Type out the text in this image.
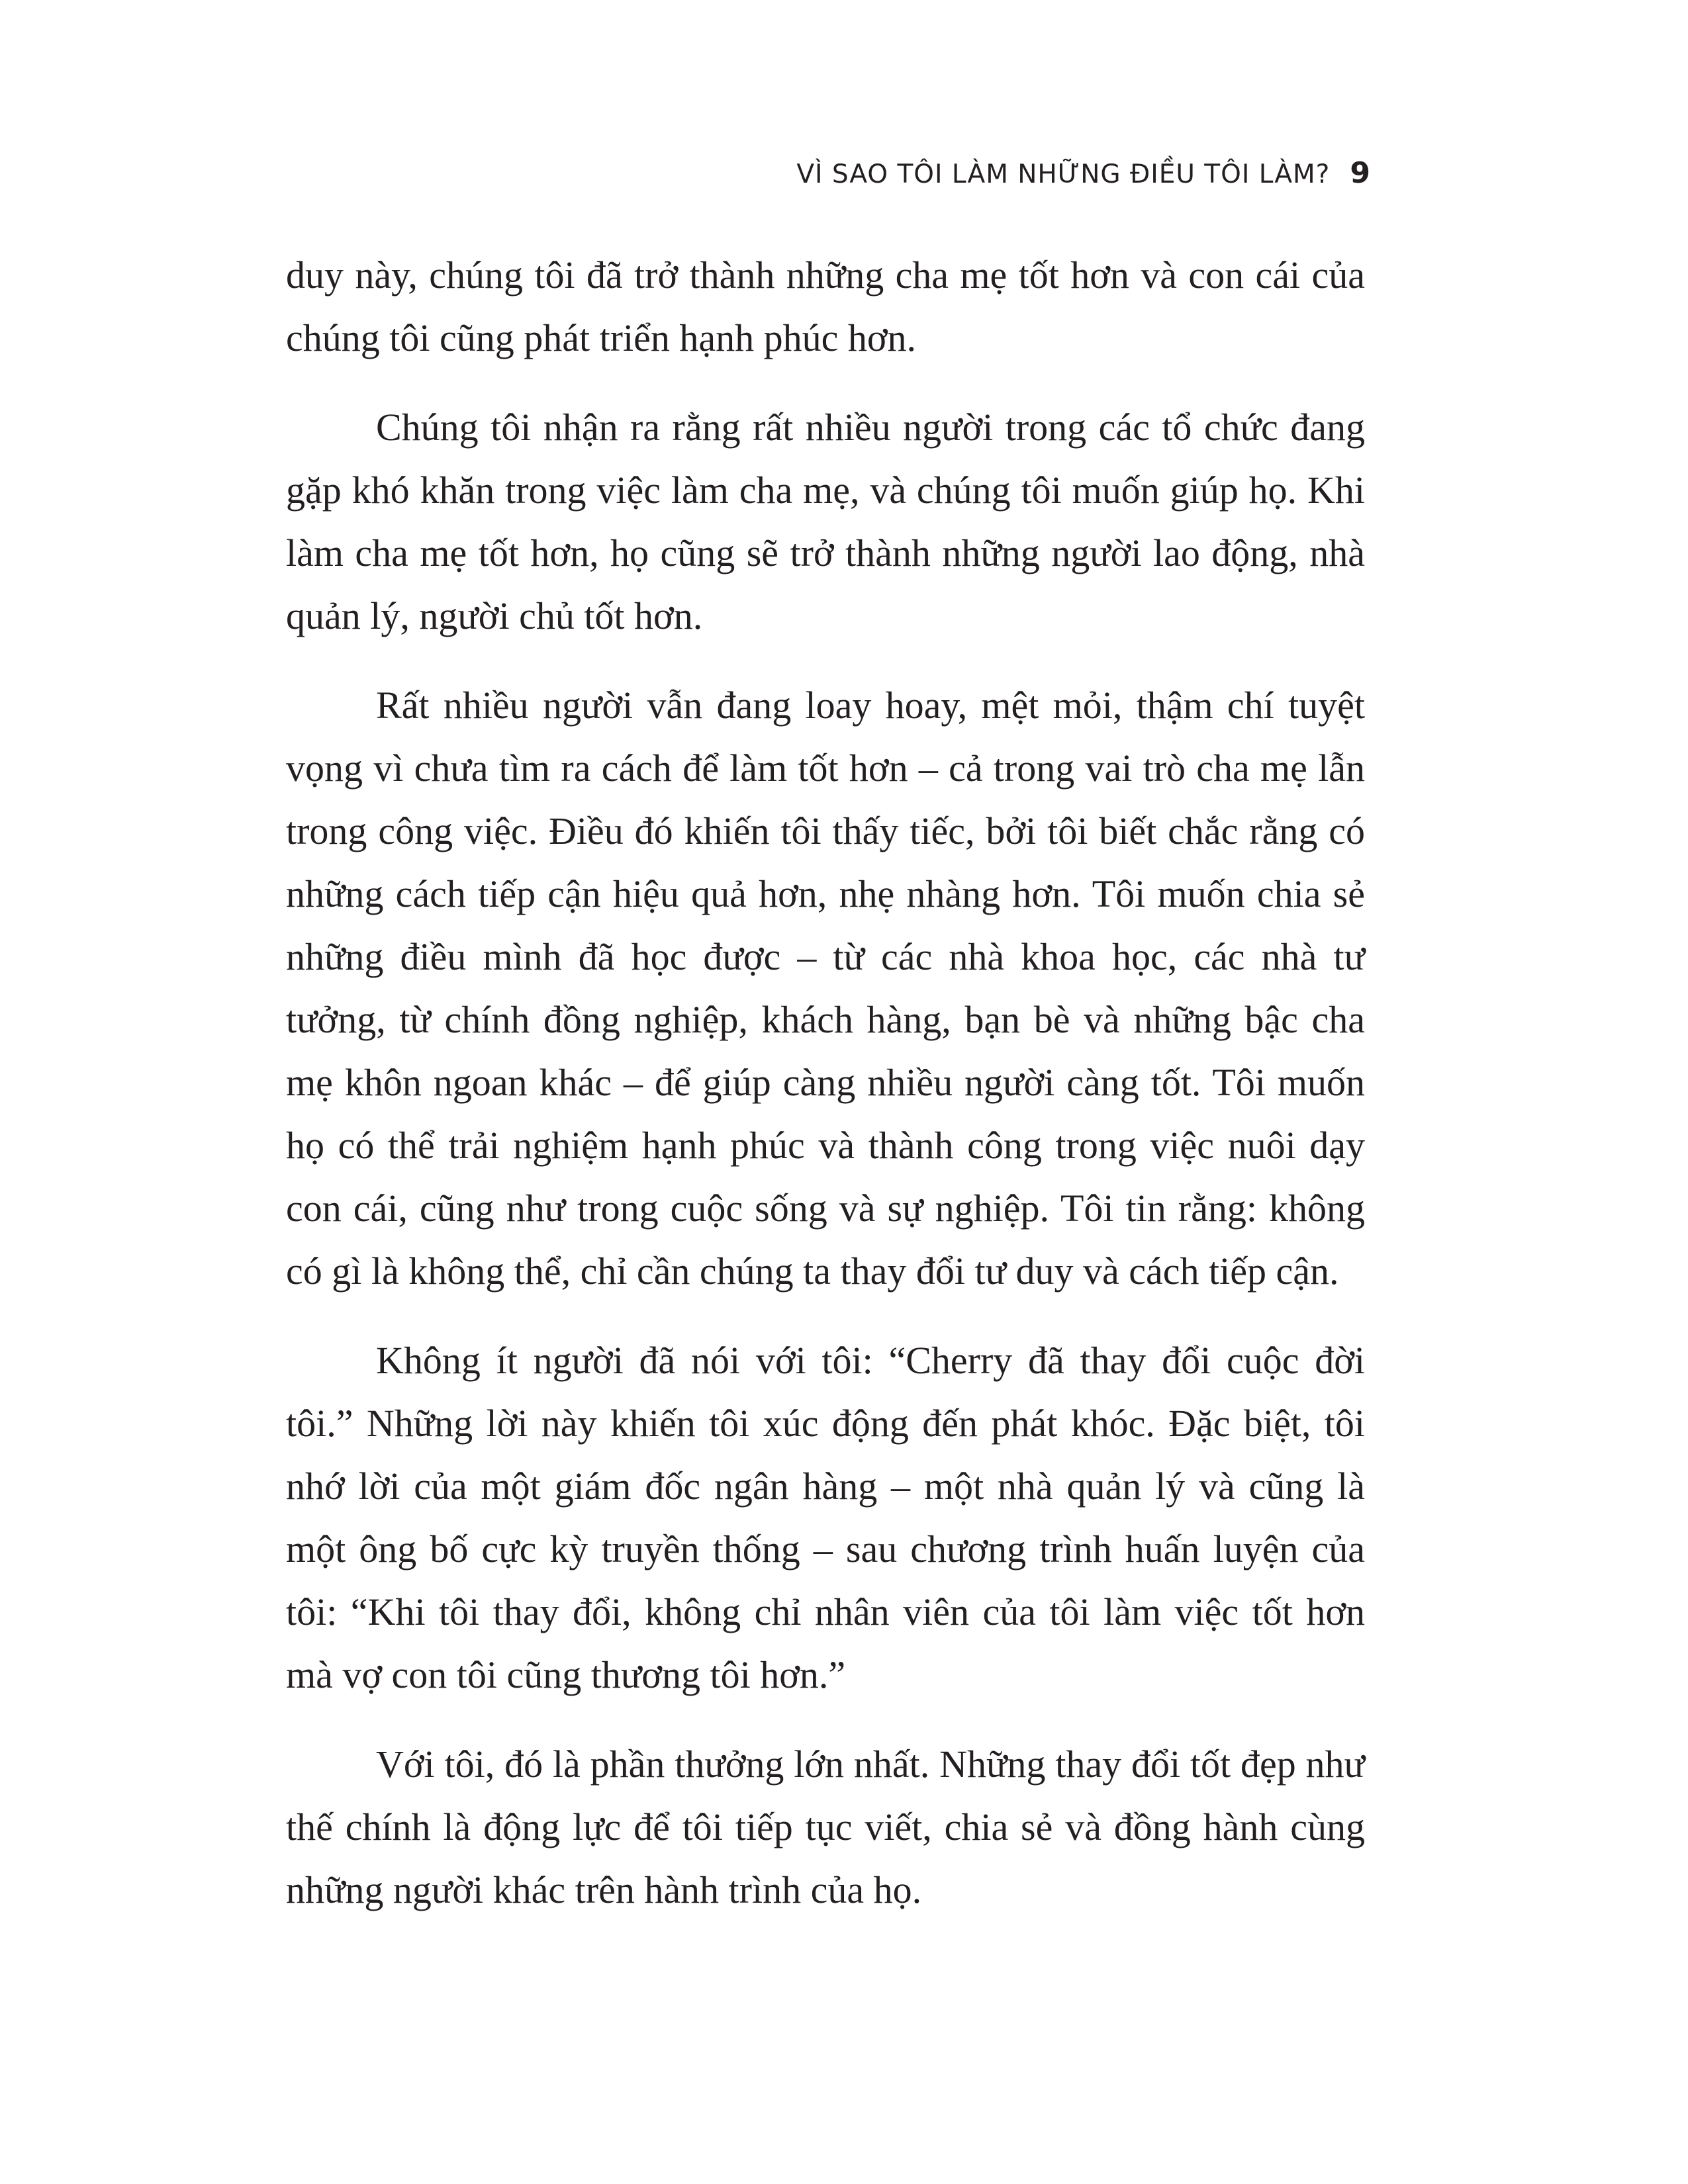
VÌ SAO TÔI LÀM NHỮNG ĐIỀU TÔI LÀM? 9

duy này, chúng tôi đã trở thành những cha mẹ tốt hơn và con cái của chúng tôi cũng phát triển hạnh phúc hơn.

Chúng tôi nhận ra rằng rất nhiều người trong các tổ chức đang gặp khó khăn trong việc làm cha mẹ, và chúng tôi muốn giúp họ. Khi làm cha mẹ tốt hơn, họ cũng sẽ trở thành những người lao động, nhà quản lý, người chủ tốt hơn.

Rất nhiều người vẫn đang loay hoay, mệt mỏi, thậm chí tuyệt vọng vì chưa tìm ra cách để làm tốt hơn – cả trong vai trò cha mẹ lẫn trong công việc. Điều đó khiến tôi thấy tiếc, bởi tôi biết chắc rằng có những cách tiếp cận hiệu quả hơn, nhẹ nhàng hơn. Tôi muốn chia sẻ những điều mình đã học được – từ các nhà khoa học, các nhà tư tưởng, từ chính đồng nghiệp, khách hàng, bạn bè và những bậc cha mẹ khôn ngoan khác – để giúp càng nhiều người càng tốt. Tôi muốn họ có thể trải nghiệm hạnh phúc và thành công trong việc nuôi dạy con cái, cũng như trong cuộc sống và sự nghiệp. Tôi tin rằng: không có gì là không thể, chỉ cần chúng ta thay đổi tư duy và cách tiếp cận.

Không ít người đã nói với tôi: “Cherry đã thay đổi cuộc đời tôi.” Những lời này khiến tôi xúc động đến phát khóc. Đặc biệt, tôi nhớ lời của một giám đốc ngân hàng – một nhà quản lý và cũng là một ông bố cực kỳ truyền thống – sau chương trình huấn luyện của tôi: “Khi tôi thay đổi, không chỉ nhân viên của tôi làm việc tốt hơn mà vợ con tôi cũng thương tôi hơn.”

Với tôi, đó là phần thưởng lớn nhất. Những thay đổi tốt đẹp như thế chính là động lực để tôi tiếp tục viết, chia sẻ và đồng hành cùng những người khác trên hành trình của họ.
